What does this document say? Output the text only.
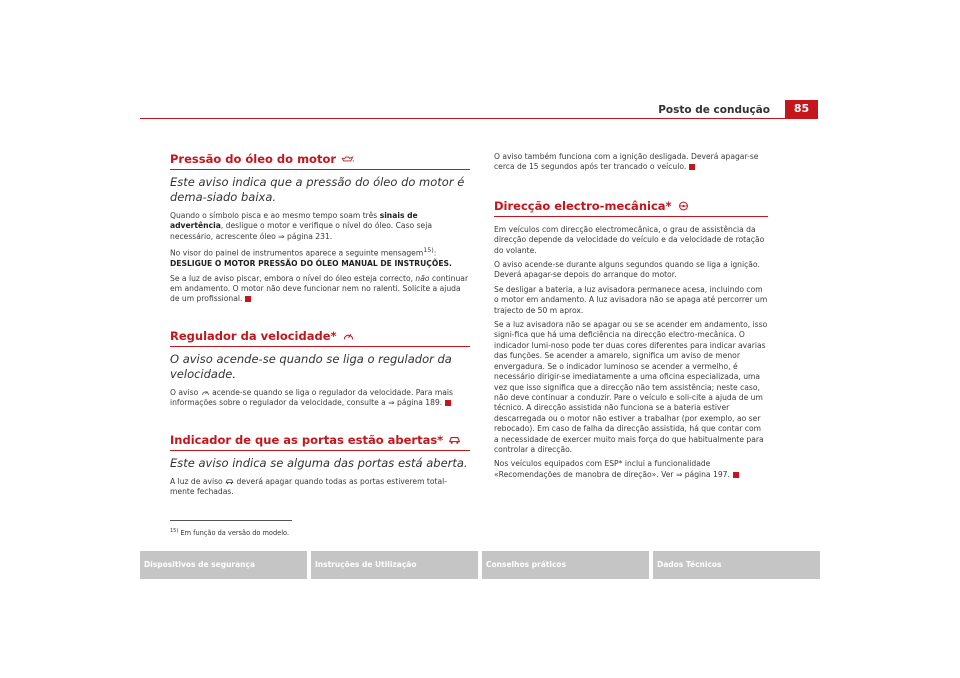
Posto de condução	85
Pressão do óleo do motor
Este aviso indica que a pressão do óleo do motor é dema-siado baixa.

Quando o símbolo pisca e ao mesmo tempo soam três sinais de advertência, desligue o motor e verifique o nível do óleo. Caso seja necessário, acrescente óleo ⇒ página 231.

No visor do painel de instrumentos aparece a seguinte mensagem$^{15)}$:
DESLIGUE O MOTOR PRESSÃO DO ÓLEO MANUAL DE INSTRUÇÕES.

Se a luz de aviso piscar, embora o nível do óleo esteja correcto, não continuar em andamento. O motor não deve funcionar nem no ralenti. Solicite a ajuda de um profissional.

Regulador da velocidade*
O aviso acende-se quando se liga o regulador da velocidade.

O aviso  acende-se quando se liga o regulador da velocidade. Para mais informações sobre o regulador da velocidade, consulte a ⇒ página 189.

Indicador de que as portas estão abertas*
Este aviso indica se alguma das portas está aberta.

A luz de aviso  deverá apagar quando todas as portas estiverem total-mente fechadas.

O aviso também funciona com a ignição desligada. Deverá apagar-se cerca de 15 segundos após ter trancado o veículo.

Direcção electro-mecânica*

Em veículos com direcção electromecânica, o grau de assistência da direcção depende da velocidade do veículo e da velocidade de rotação do volante.

O aviso acende-se durante alguns segundos quando se liga a ignição. Deverá apagar-se depois do arranque do motor.

Se desligar a bateria, a luz avisadora permanece acesa, incluindo com o motor em andamento. A luz avisadora não se apaga até percorrer um trajecto de 50 m aprox.

Se a luz avisadora não se apagar ou se se acender em andamento, isso signi-fica que há uma deficiência na direcção electro-mecânica. O indicador lumi-noso pode ter duas cores diferentes para indicar avarias das funções. Se acender a amarelo, significa um aviso de menor envergadura. Se o indicador luminoso se acender a vermelho, é necessário dirigir-se imediatamente a uma oficina especializada, uma vez que isso significa que a direcção não tem assistência; neste caso, não deve continuar a conduzir. Pare o veículo e soli-cite a ajuda de um técnico. A direcção assistida não funciona se a bateria estiver descarregada ou o motor não estiver a trabalhar (por exemplo, ao ser rebocado). Em caso de falha da direcção assistida, há que contar com a necessidade de exercer muito mais força do que habitualmente para controlar a direcção.

Nos veículos equipados com ESP* inclui a funcionalidade «Recomendações de manobra de direção». Ver ⇒ página 197.

$^{15)}$ Em função da versão do modelo.
Dispositivos de segurança	Instruções de Utilização	Conselhos práticos	Dados Técnicos
